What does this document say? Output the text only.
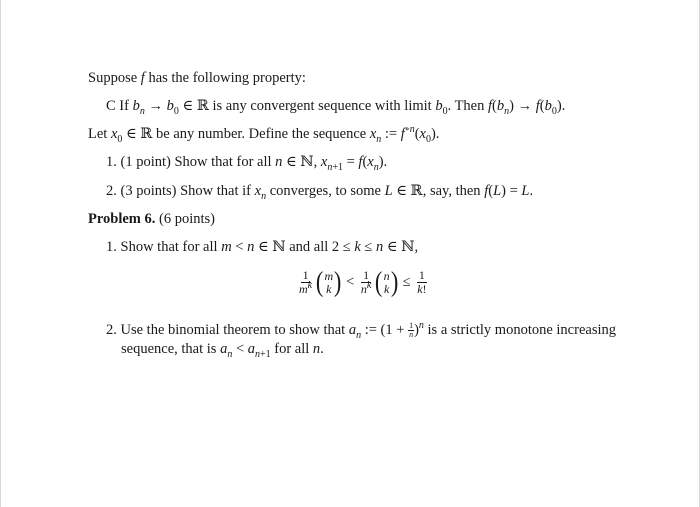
Suppose f has the following property:
C If $b_n \to b_0$ ∈ ℝ is any convergent sequence with limit $b_0$. Then $f(b_n) \to f(b_0)$.
Let $x_0$ ∈ ℝ be any number. Define the sequence $x_n$ := $f^{\circ n}(x_0)$.
1. (1 point) Show that for all n ∈ ℕ, $x_{n+1} = f(x_n)$.
2. (3 points) Show that if $x_n$ converges, to some L ∈ ℝ, say, then f(L) = L.
Problem 6. (6 points)
1. Show that for all m < n ∈ ℕ and all 2 ≤ k ≤ n ∈ ℕ,
$\frac{1}{m^k}$ ( m
k ) < $\frac{1}{n^k}$ ( n
k ) ≤ $\frac{1}{k!}$
2. Use the binomial theorem to show that $a_n$ := $(1 + \frac{1}{n} )^n$ is a strictly monotone increasing
sequence, that is $a_n < a_{n+1}$ for all n.
